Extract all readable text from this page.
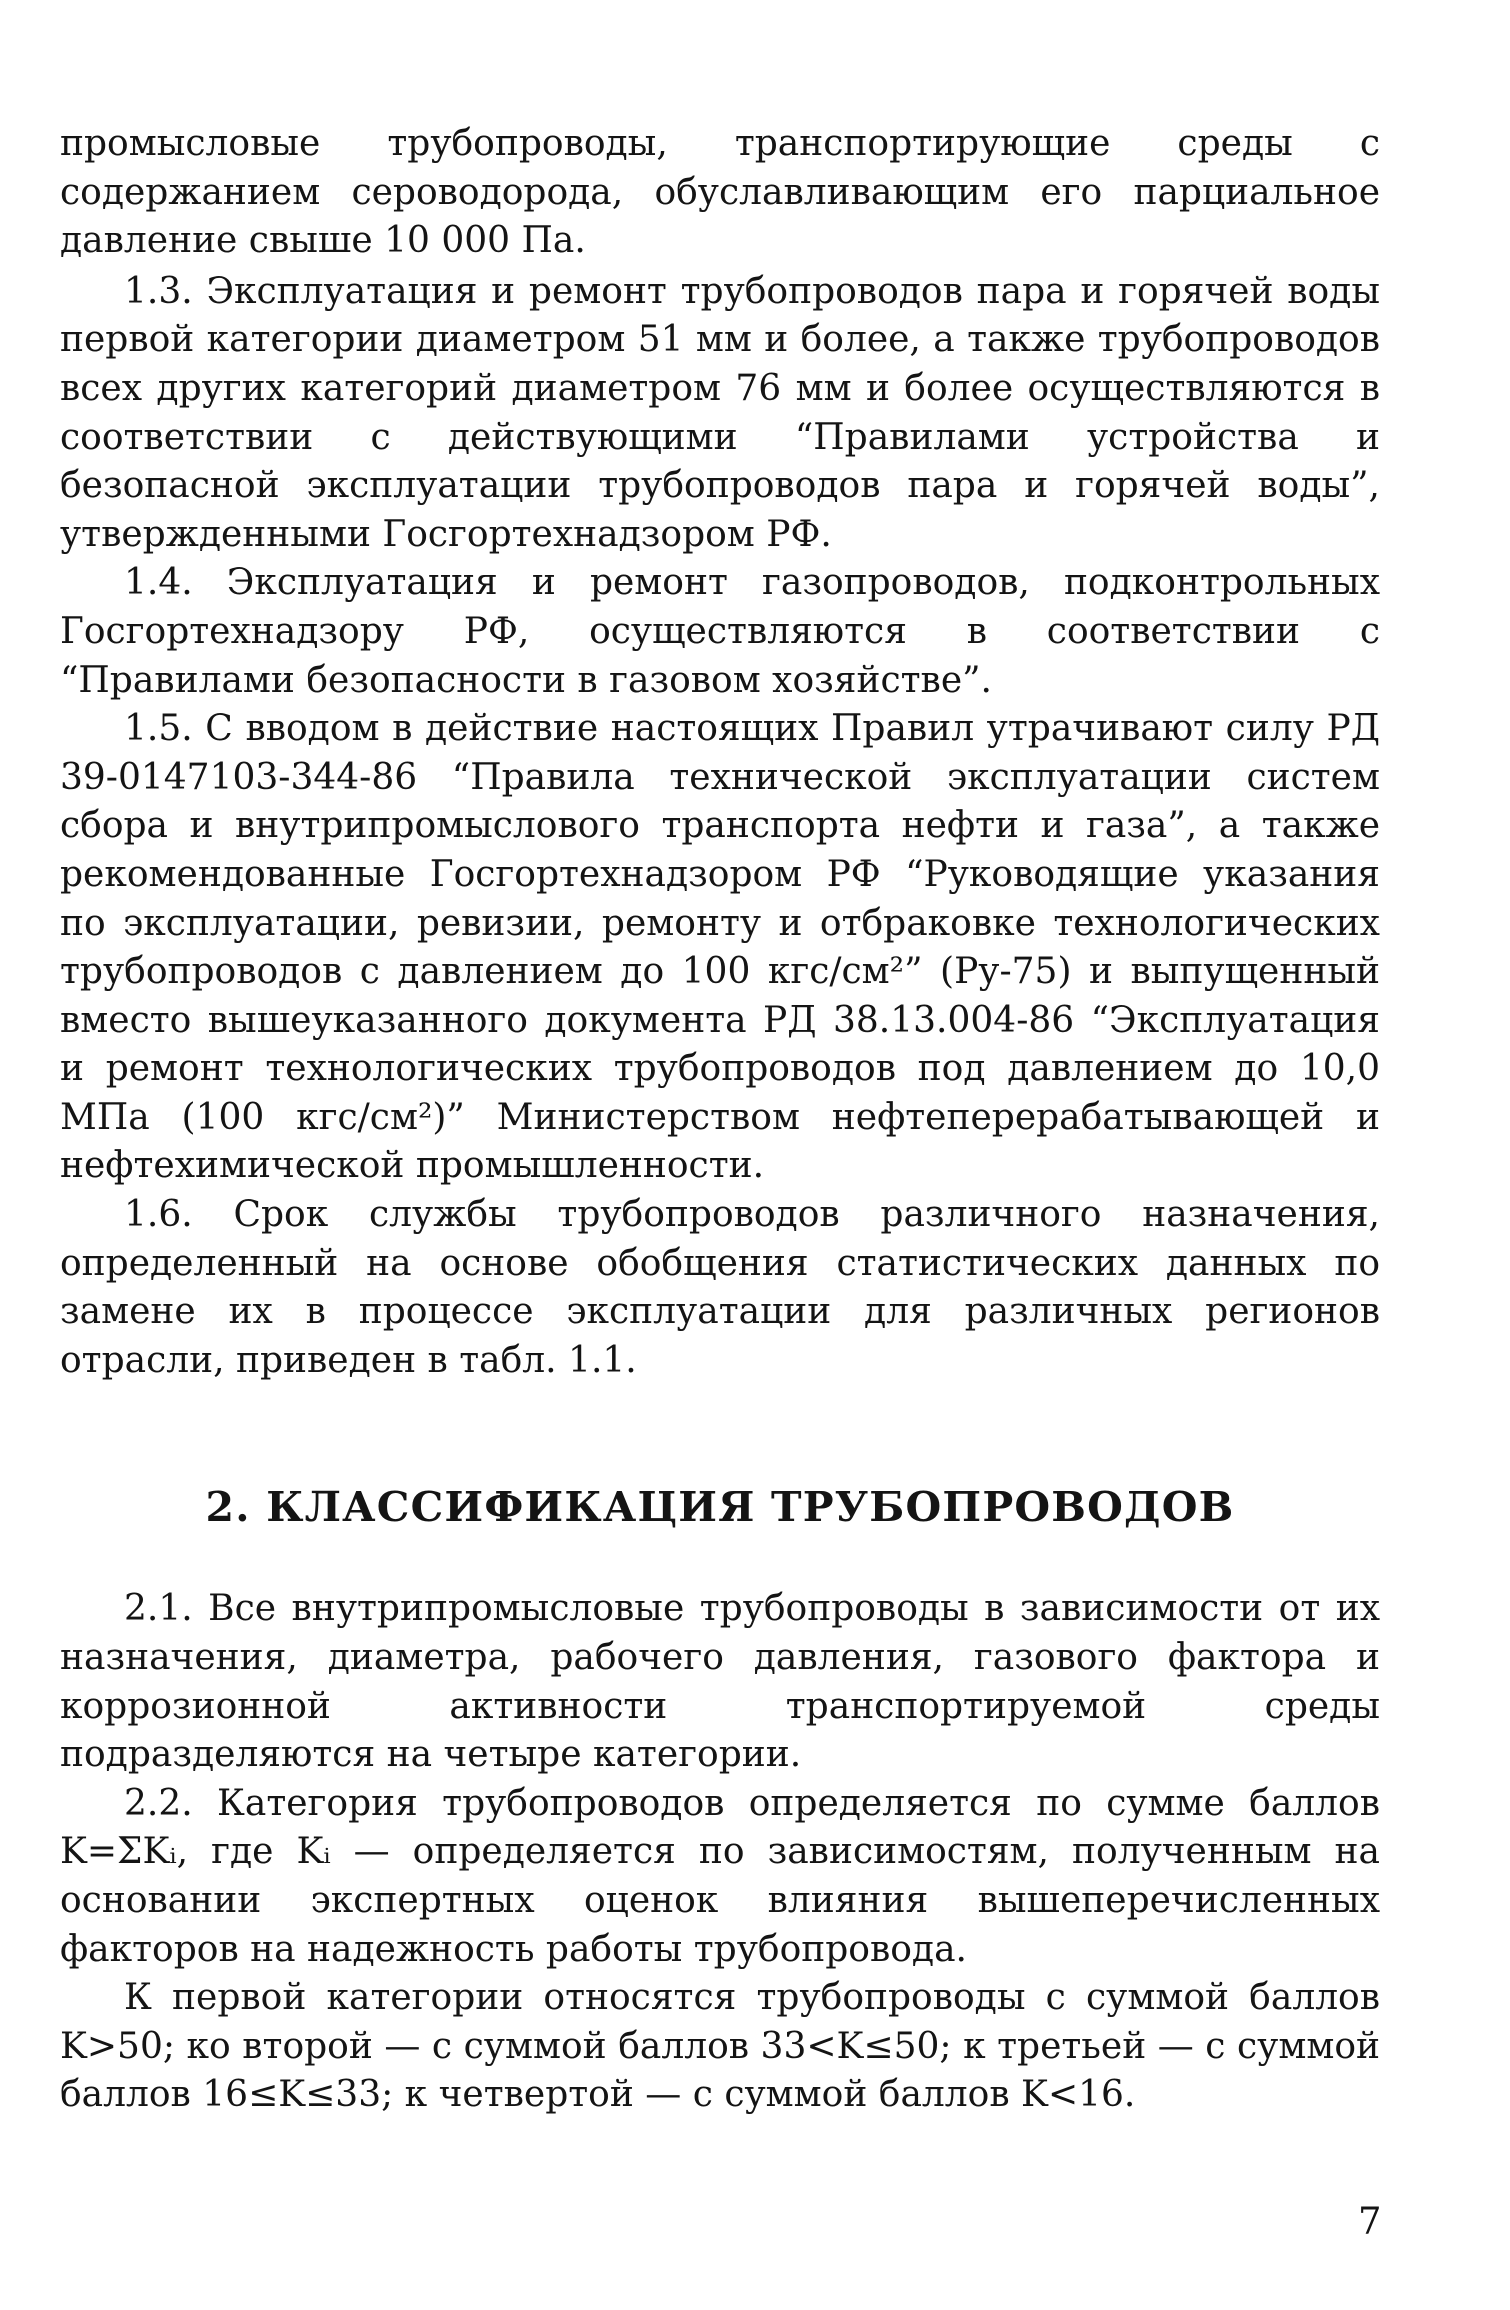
промысловые трубопроводы, транспортирующие среды с содержанием сероводорода, обуславливающим его парциальное давление свыше 10 000 Па.

1.3. Эксплуатация и ремонт трубопроводов пара и горячей воды первой категории диаметром 51 мм и более, а также трубопроводов всех других категорий диаметром 76 мм и более осуществляются в соответствии с действующими “Правилами устройства и безопасной эксплуатации трубопроводов пара и горячей воды”, утвержденными Госгортехнадзором РФ.

1.4. Эксплуатация и ремонт газопроводов, подконтрольных Госгортехнадзору РФ, осуществляются в соответствии с “Правилами безопасности в газовом хозяйстве”.

1.5. С вводом в действие настоящих Правил утрачивают силу РД 39-0147103-344-86 “Правила технической эксплуатации систем сбора и внутрипромыслового транспорта нефти и газа”, а также рекомендованные Госгортехнадзором РФ “Руководящие указания по эксплуатации, ревизии, ремонту и отбраковке технологических трубопроводов с давлением до 100 кгс/см²” (Ру-75) и выпущенный вместо вышеуказанного документа РД 38.13.004-86 “Эксплуатация и ремонт технологических трубопроводов под давлением до 10,0 МПа (100 кгс/см²)” Министерством нефтеперерабатывающей и нефтехимической промышленности.

1.6. Срок службы трубопроводов различного назначения, определенный на основе обобщения статистических данных по замене их в процессе эксплуатации для различных регионов отрасли, приведен в табл. 1.1.

2. КЛАССИФИКАЦИЯ ТРУБОПРОВОДОВ

2.1. Все внутрипромысловые трубопроводы в зависимости от их назначения, диаметра, рабочего давления, газового фактора и коррозионной активности транспортируемой среды подразделяются на четыре категории.

2.2. Категория трубопроводов определяется по сумме баллов K=ΣKᵢ, где Kᵢ — определяется по зависимостям, полученным на основании экспертных оценок влияния вышеперечисленных факторов на надежность работы трубопровода.

К первой категории относятся трубопроводы с суммой баллов K>50; ко второй — с суммой баллов 33<K≤50; к третьей — с суммой баллов 16≤K≤33; к четвертой — с суммой баллов K<16.

7
